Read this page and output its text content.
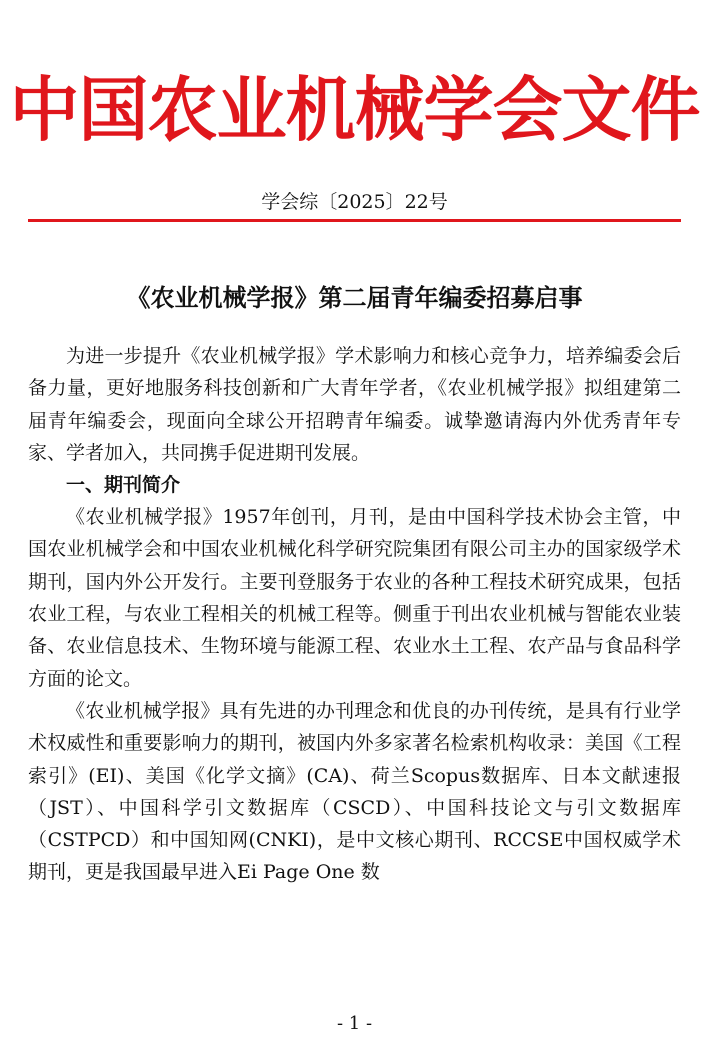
中国农业机械学会文件
学会综〔2025〕22号
《农业机械学报》第二届青年编委招募启事

为进一步提升《农业机械学报》学术影响力和核心竞争力，培养编委会后备力量，更好地服务科技创新和广大青年学者，《农业机械学报》拟组建第二届青年编委会，现面向全球公开招聘青年编委。诚挚邀请海内外优秀青年专家、学者加入，共同携手促进期刊发展。

一、期刊简介

《农业机械学报》1957年创刊，月刊，是由中国科学技术协会主管，中国农业机械学会和中国农业机械化科学研究院集团有限公司主办的国家级学术期刊，国内外公开发行。主要刊登服务于农业的各种工程技术研究成果，包括农业工程，与农业工程相关的机械工程等。侧重于刊出农业机械与智能农业装备、农业信息技术、生物环境与能源工程、农业水土工程、农产品与食品科学方面的论文。

《农业机械学报》具有先进的办刊理念和优良的办刊传统，是具有行业学术权威性和重要影响力的期刊，被国内外多家著名检索机构收录：美国《工程索引》(EI)、美国《化学文摘》(CA)、荷兰Scopus数据库、日本文献速报（JST）、中国科学引文数据库（CSCD）、中国科技论文与引文数据库（CSTPCD）和中国知网(CNKI)，是中文核心期刊、RCCSE中国权威学术期刊，更是我国最早进入Ei Page One 数

- 1 -
